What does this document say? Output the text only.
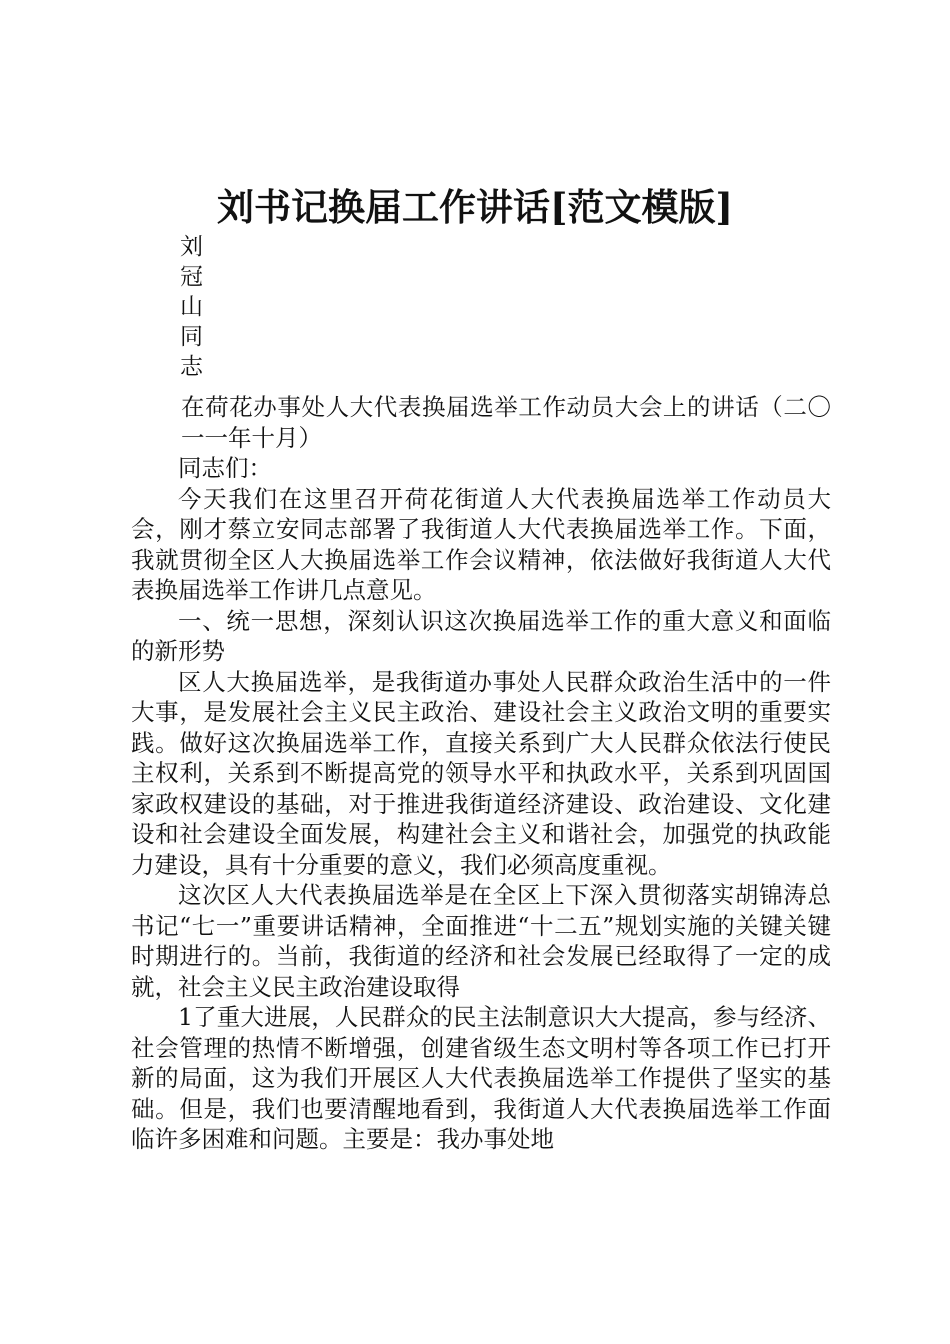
刘书记换届工作讲话[范文模版]
刘
冠
山
同
志

在荷花办事处人大代表换届选举工作动员大会上的讲话（二〇一一年十月）

同志们：

今天我们在这里召开荷花街道人大代表换届选举工作动员大会，刚才蔡立安同志部署了我街道人大代表换届选举工作。下面，我就贯彻全区人大换届选举工作会议精神，依法做好我街道人大代表换届选举工作讲几点意见。

一、统一思想，深刻认识这次换届选举工作的重大意义和面临的新形势

区人大换届选举，是我街道办事处人民群众政治生活中的一件大事，是发展社会主义民主政治、建设社会主义政治文明的重要实践。做好这次换届选举工作，直接关系到广大人民群众依法行使民主权利，关系到不断提高党的领导水平和执政水平，关系到巩固国家政权建设的基础，对于推进我街道经济建设、政治建设、文化建设和社会建设全面发展，构建社会主义和谐社会，加强党的执政能力建设，具有十分重要的意义，我们必须高度重视。

这次区人大代表换届选举是在全区上下深入贯彻落实胡锦涛总书记“七一”重要讲话精神，全面推进“十二五”规划实施的关键关键时期进行的。当前，我街道的经济和社会发展已经取得了一定的成就，社会主义民主政治建设取得

1了重大进展，人民群众的民主法制意识大大提高，参与经济、社会管理的热情不断增强，创建省级生态文明村等各项工作已打开新的局面，这为我们开展区人大代表换届选举工作提供了坚实的基础。但是，我们也要清醒地看到，我街道人大代表换届选举工作面临许多困难和问题。主要是：我办事处地
